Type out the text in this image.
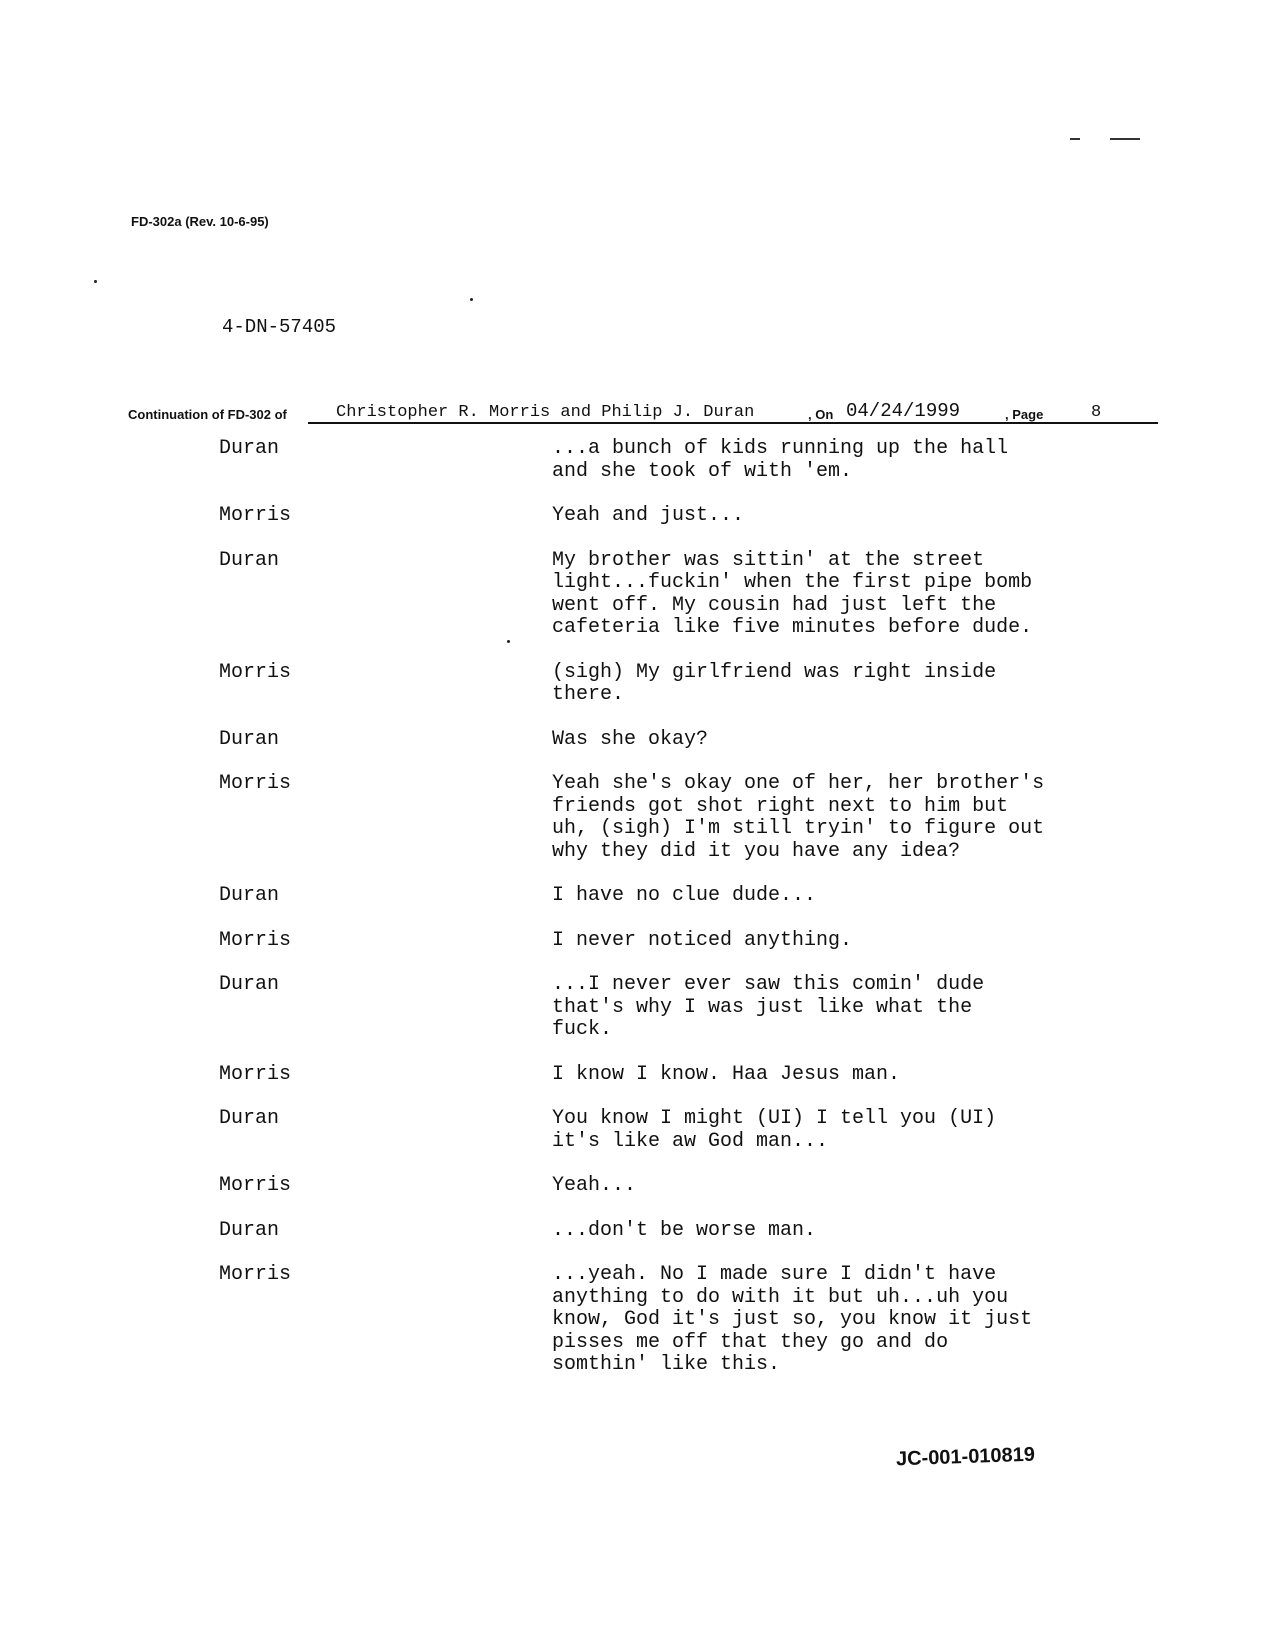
FD-302a (Rev. 10-6-95)
4-DN-57405
Continuation of FD-302 of	Christopher R. Morris and Philip J. Duran	, On 04/24/1999	, Page	8
Duran	...a bunch of kids running up the hall
and she took of with 'em.
Morris	Yeah and just...
Duran	My brother was sittin' at the street
light...fuckin' when the first pipe bomb
went off. My cousin had just left the
cafeteria like five minutes before dude.
Morris	(sigh) My girlfriend was right inside
there.
Duran	Was she okay?
Morris	Yeah she's okay one of her, her brother's
friends got shot right next to him but
uh, (sigh) I'm still tryin' to figure out
why they did it you have any idea?
Duran	I have no clue dude...
Morris	I never noticed anything.
Duran	...I never ever saw this comin' dude
that's why I was just like what the
fuck.
Morris	I know I know. Haa Jesus man.
Duran	You know I might (UI) I tell you (UI)
it's like aw God man...
Morris	Yeah...
Duran	...don't be worse man.
Morris	...yeah. No I made sure I didn't have
anything to do with it but uh...uh you
know, God it's just so, you know it just
pisses me off that they go and do
somthin' like this.
JC-001-010819
